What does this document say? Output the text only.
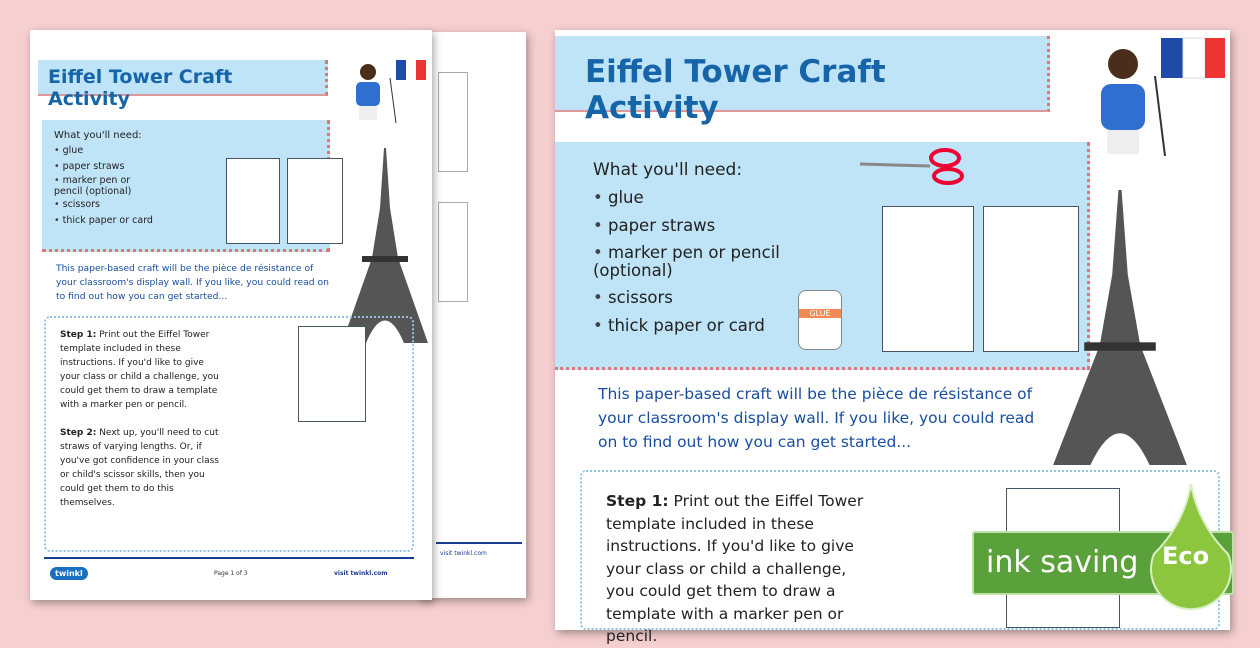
visit twinkl.com
Eiffel Tower Craft Activity
What you'll need:
• glue
• paper straws
• marker pen or pencil (optional)
• scissors
• thick paper or card
This paper-based craft will be the pièce de résistance of your classroom's display wall. If you like, you could read on to find out how you can get started...

Step 1: Print out the Eiffel Tower template included in these instructions. If you'd like to give your class or child a challenge, you could get them to draw a template with a marker pen or pencil.

Step 2: Next up, you'll need to cut straws of varying lengths. Or, if you've got confidence in your class or child's scissor skills, then you could get them to do this themselves.

twinkl	Page 1 of 3	visit twinkl.com
Eiffel Tower Craft Activity
What you'll need:
• glue
• paper straws
• marker pen or pencil (optional)
• scissors
• thick paper or card
GLUE
This paper-based craft will be the pièce de résistance of your classroom's display wall. If you like, you could read on to find out how you can get started...

Step 1: Print out the Eiffel Tower template included in these instructions. If you'd like to give your class or child a challenge, you could get them to draw a template with a marker pen or pencil.

ink saving Eco
